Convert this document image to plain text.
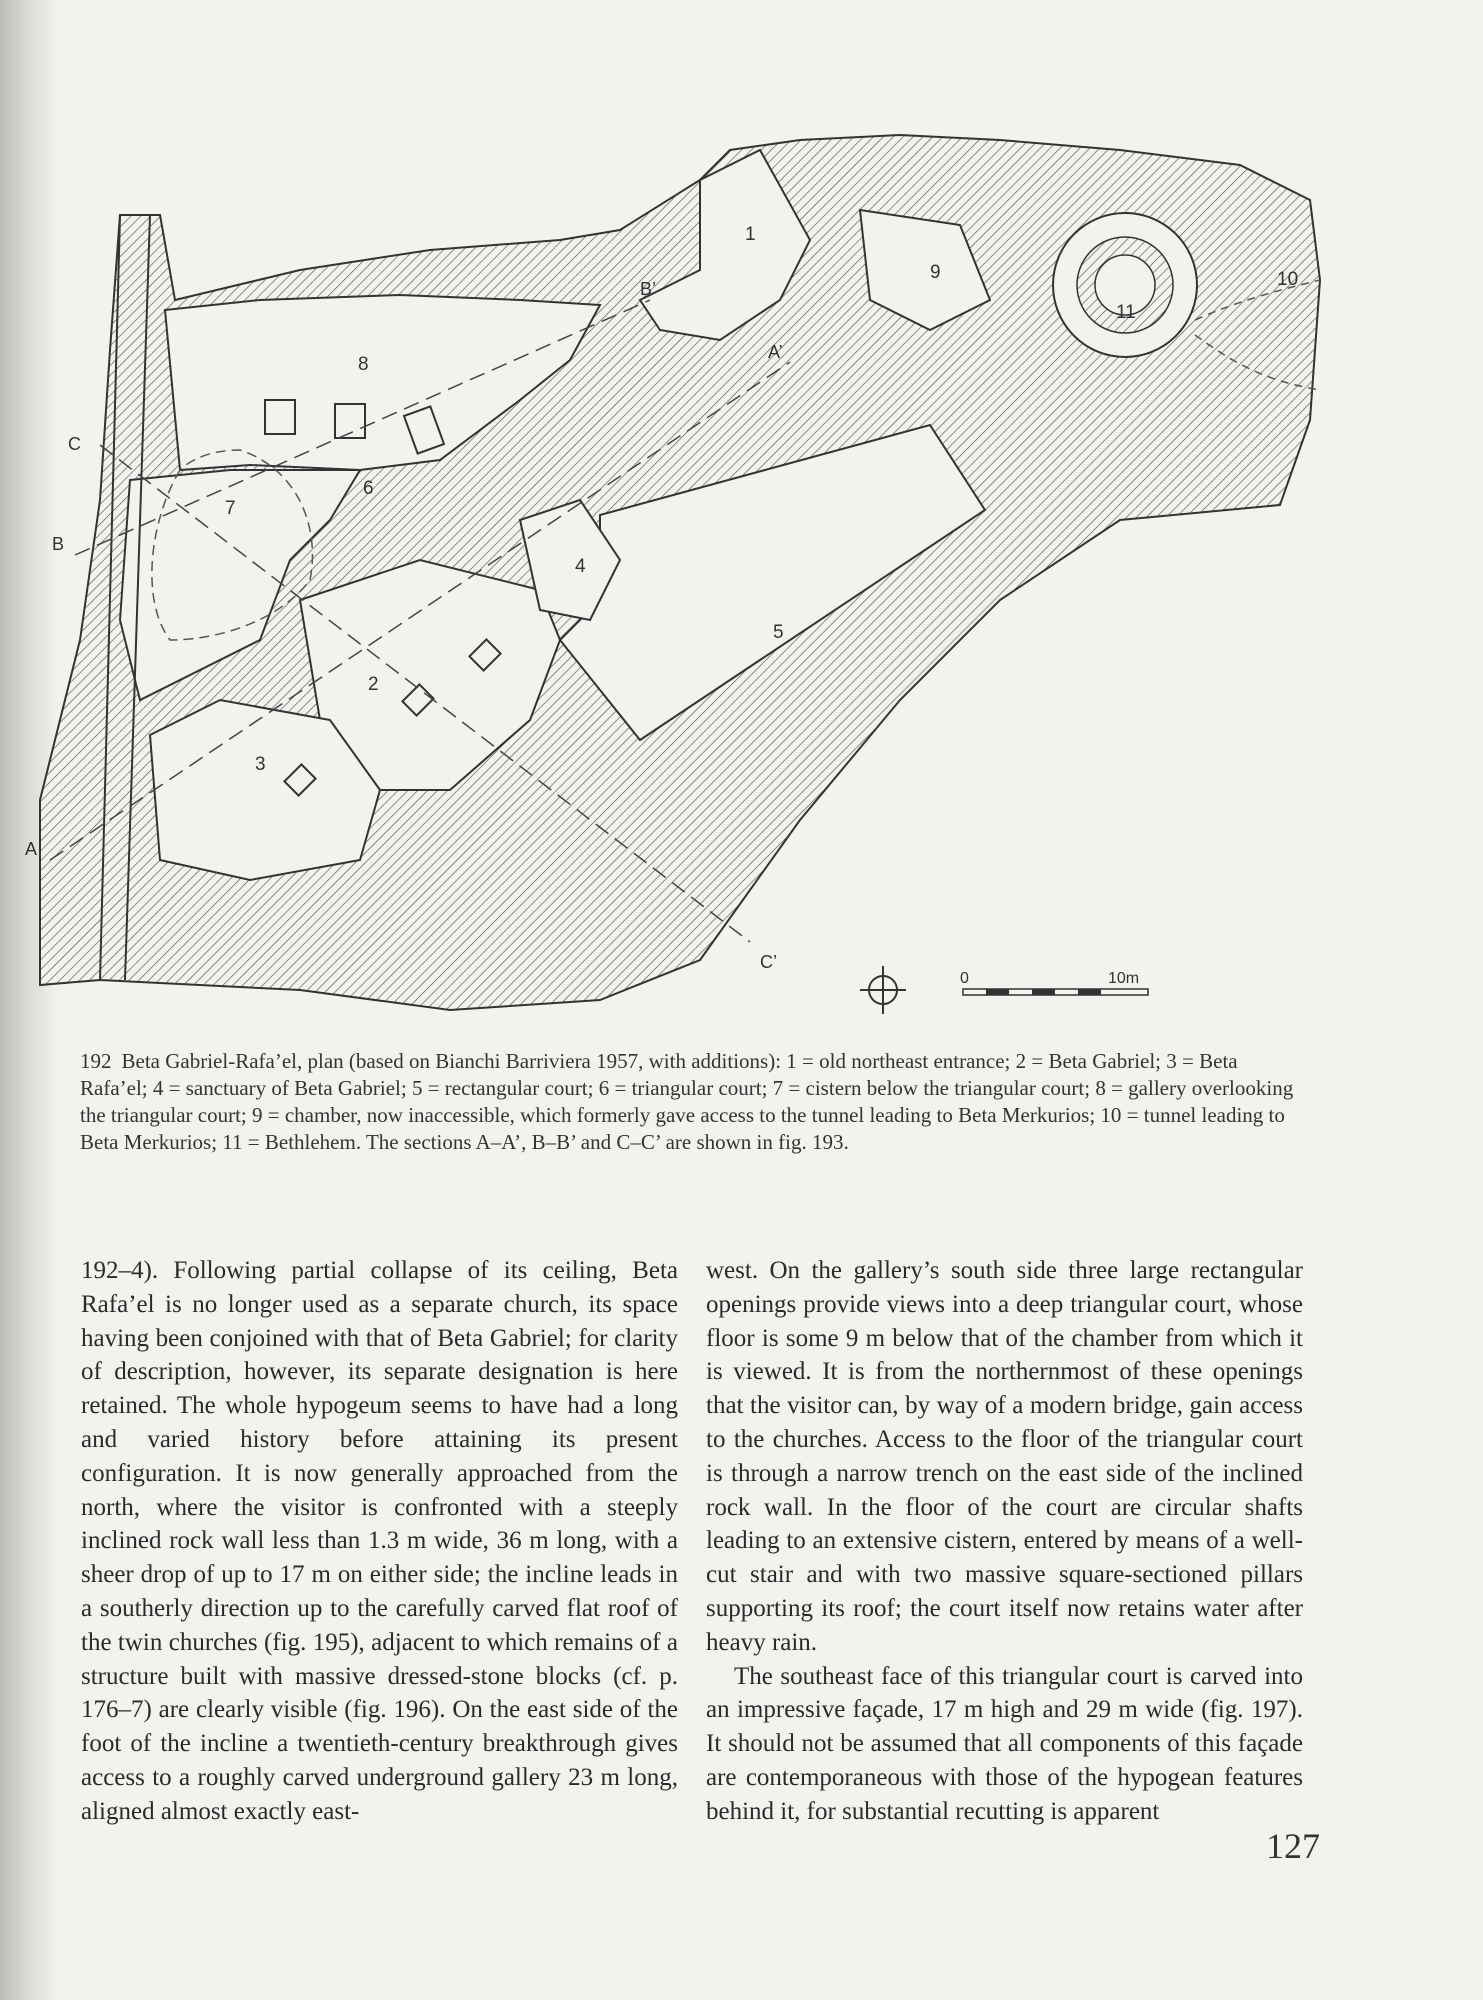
1
2
3
4
5
6
7
8
9	10
11
A
A’
B
B’
C
C’
0	10m
192 Beta Gabriel-Rafa’el, plan (based on Bianchi Barriviera 1957, with additions): 1 = old northeast entrance; 2 = Beta Gabriel; 3 = Beta Rafa’el; 4 = sanctuary of Beta Gabriel; 5 = rectangular court; 6 = triangular court; 7 = cistern below the triangular court; 8 = gallery overlooking the triangular court; 9 = chamber, now inaccessible, which formerly gave access to the tunnel leading to Beta Merkurios; 10 = tunnel leading to Beta Merkurios; 11 = Bethlehem. The sections A–A’, B–B’ and C–C’ are shown in fig. 193.

192–4). Following partial collapse of its ceiling, Beta Rafa’el is no longer used as a separate church, its space having been conjoined with that of Beta Gabriel; for clarity of description, however, its separate designation is here retained. The whole hypogeum seems to have had a long and varied history before attaining its present configuration. It is now generally approached from the north, where the visitor is confronted with a steeply inclined rock wall less than 1.3 m wide, 36 m long, with a sheer drop of up to 17 m on either side; the incline leads in a southerly direction up to the carefully carved flat roof of the twin churches (fig. 195), adjacent to which remains of a structure built with massive dressed-stone blocks (cf. p. 176–7) are clearly visible (fig. 196). On the east side of the foot of the incline a twentieth-century breakthrough gives access to a roughly carved underground gallery 23 m long, aligned almost exactly east-

west. On the gallery’s south side three large rectangular openings provide views into a deep triangular court, whose floor is some 9 m below that of the chamber from which it is viewed. It is from the northernmost of these openings that the visitor can, by way of a modern bridge, gain access to the churches. Access to the floor of the triangular court is through a narrow trench on the east side of the inclined rock wall. In the floor of the court are circular shafts leading to an extensive cistern, entered by means of a well-cut stair and with two massive square-sectioned pillars supporting its roof; the court itself now retains water after heavy rain.

The southeast face of this triangular court is carved into an impressive façade, 17 m high and 29 m wide (fig. 197). It should not be assumed that all components of this façade are contemporaneous with those of the hypogean features behind it, for substantial recutting is apparent

127
